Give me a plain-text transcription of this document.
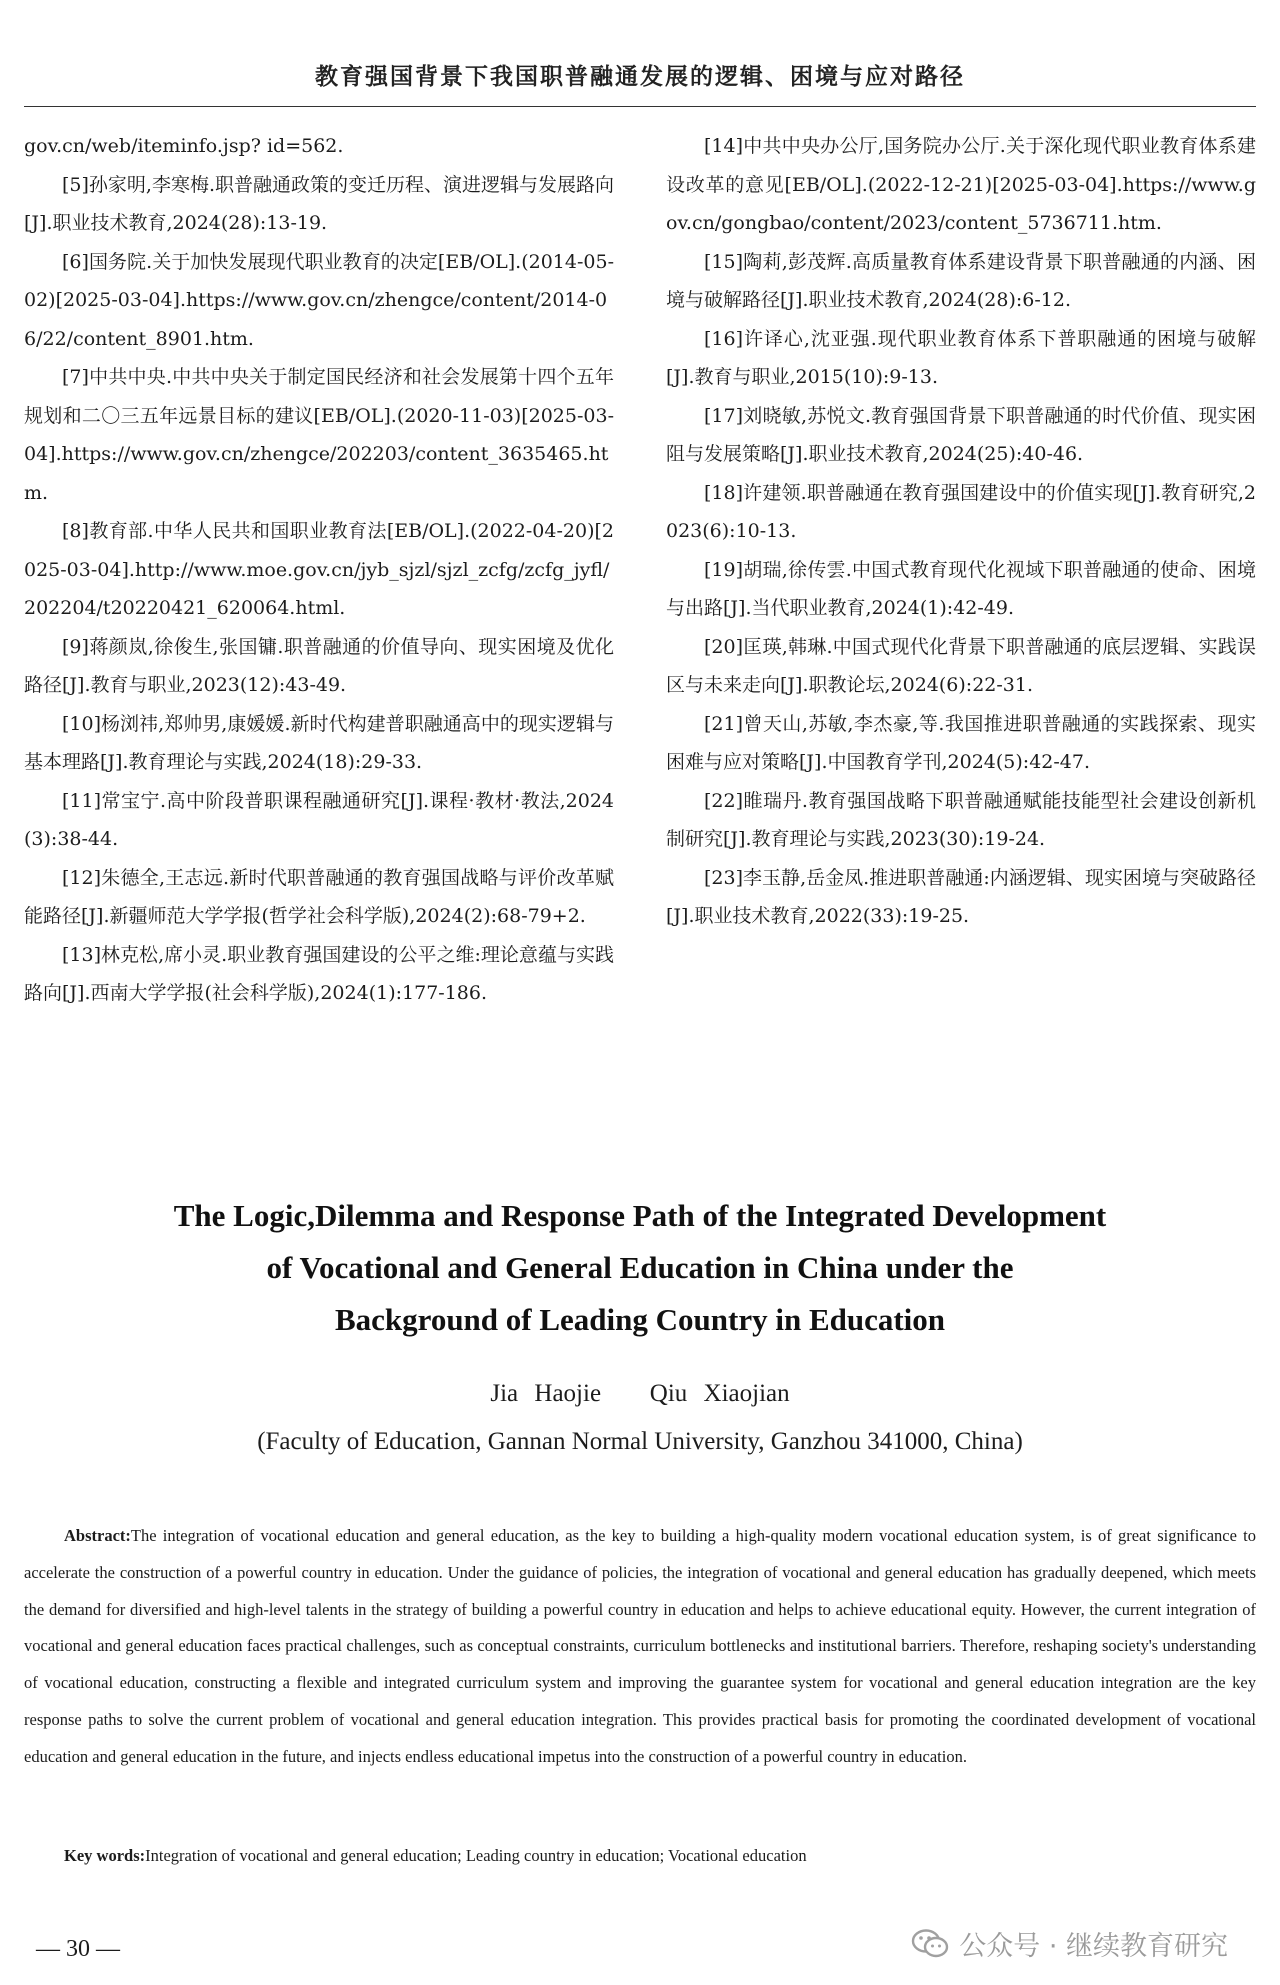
教育强国背景下我国职普融通发展的逻辑、困境与应对路径

gov.cn/web/iteminfo.jsp? id=562.

[5]孙家明,李寒梅.职普融通政策的变迁历程、演进逻辑与发展路向[J].职业技术教育,2024(28):13-19.

[6]国务院.关于加快发展现代职业教育的决定[EB/OL].(2014-05-02)[2025-03-04].https://www.gov.cn/zhengce/content/2014-06/22/content_8901.htm.

[7]中共中央.中共中央关于制定国民经济和社会发展第十四个五年规划和二〇三五年远景目标的建议[EB/OL].(2020-11-03)[2025-03-04].https://www.gov.cn/zhengce/202203/content_3635465.htm.

[8]教育部.中华人民共和国职业教育法[EB/OL].(2022-04-20)[2025-03-04].http://www.moe.gov.cn/jyb_sjzl/sjzl_zcfg/zcfg_jyfl/202204/t20220421_620064.html.

[9]蒋颜岚,徐俊生,张国镛.职普融通的价值导向、现实困境及优化路径[J].教育与职业,2023(12):43-49.

[10]杨浏祎,郑帅男,康媛媛.新时代构建普职融通高中的现实逻辑与基本理路[J].教育理论与实践,2024(18):29-33.

[11]常宝宁.高中阶段普职课程融通研究[J].课程·教材·教法,2024(3):38-44.

[12]朱德全,王志远.新时代职普融通的教育强国战略与评价改革赋能路径[J].新疆师范大学学报(哲学社会科学版),2024(2):68-79+2.

[13]林克松,席小灵.职业教育强国建设的公平之维:理论意蕴与实践路向[J].西南大学学报(社会科学版),2024(1):177-186.

[14]中共中央办公厅,国务院办公厅.关于深化现代职业教育体系建设改革的意见[EB/OL].(2022-12-21)[2025-03-04].https://www.gov.cn/gongbao/content/2023/content_5736711.htm.

[15]陶莉,彭茂辉.高质量教育体系建设背景下职普融通的内涵、困境与破解路径[J].职业技术教育,2024(28):6-12.

[16]许译心,沈亚强.现代职业教育体系下普职融通的困境与破解[J].教育与职业,2015(10):9-13.

[17]刘晓敏,苏悦文.教育强国背景下职普融通的时代价值、现实困阻与发展策略[J].职业技术教育,2024(25):40-46.

[18]许建领.职普融通在教育强国建设中的价值实现[J].教育研究,2023(6):10-13.

[19]胡瑞,徐传雲.中国式教育现代化视域下职普融通的使命、困境与出路[J].当代职业教育,2024(1):42-49.

[20]匡瑛,韩琳.中国式现代化背景下职普融通的底层逻辑、实践误区与未来走向[J].职教论坛,2024(6):22-31.

[21]曾天山,苏敏,李杰豪,等.我国推进职普融通的实践探索、现实困难与应对策略[J].中国教育学刊,2024(5):42-47.

[22]睢瑞丹.教育强国战略下职普融通赋能技能型社会建设创新机制研究[J].教育理论与实践,2023(30):19-24.

[23]李玉静,岳金凤.推进职普融通:内涵逻辑、现实困境与突破路径[J].职业技术教育,2022(33):19-25.

The Logic,Dilemma and Response Path of the Integrated Development
of Vocational and General Education in China under the
Background of Leading Country in Education
Jia Haojie   Qiu Xiaojian
(Faculty of Education, Gannan Normal University, Ganzhou 341000, China)
Abstract:The integration of vocational education and general education, as the key to building a high-quality modern vocational education system, is of great significance to accelerate the construction of a powerful country in education. Under the guidance of policies, the integration of vocational and general education has gradually deepened, which meets the demand for diversified and high-level talents in the strategy of building a powerful country in education and helps to achieve educational equity. However, the current integration of vocational and general education faces practical challenges, such as conceptual constraints, curriculum bottlenecks and institutional barriers. Therefore, reshaping society's understanding of vocational education, constructing a flexible and integrated curriculum system and improving the guarantee system for vocational and general education integration are the key response paths to solve the current problem of vocational and general education integration. This provides practical basis for promoting the coordinated development of vocational education and general education in the future, and injects endless educational impetus into the construction of a powerful country in education.
Key words:Integration of vocational and general education; Leading country in education; Vocational education
— 30 —	公众号 · 继续教育研究
